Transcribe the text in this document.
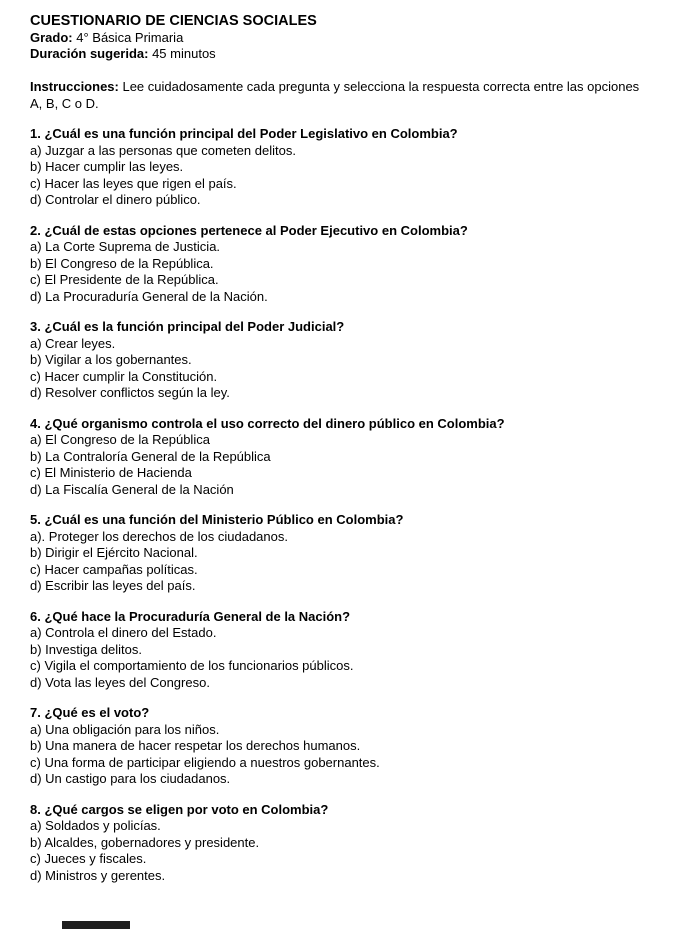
CUESTIONARIO DE CIENCIAS SOCIALES
Grado: 4° Básica Primaria
Duración sugerida: 45 minutos
Instrucciones: Lee cuidadosamente cada pregunta y selecciona la respuesta correcta entre las opciones A, B, C o D.
1. ¿Cuál es una función principal del Poder Legislativo en Colombia?
a) Juzgar a las personas que cometen delitos.
b) Hacer cumplir las leyes.
c) Hacer las leyes que rigen el país.
d) Controlar el dinero público.
2. ¿Cuál de estas opciones pertenece al Poder Ejecutivo en Colombia?
a) La Corte Suprema de Justicia.
b) El Congreso de la República.
c) El Presidente de la República.
d) La Procuraduría General de la Nación.
3. ¿Cuál es la función principal del Poder Judicial?
a) Crear leyes.
b) Vigilar a los gobernantes.
c) Hacer cumplir la Constitución.
d) Resolver conflictos según la ley.
4. ¿Qué organismo controla el uso correcto del dinero público en Colombia?
a) El Congreso de la República
b) La Contraloría General de la República
c) El Ministerio de Hacienda
d) La Fiscalía General de la Nación
5. ¿Cuál es una función del Ministerio Público en Colombia?
a). Proteger los derechos de los ciudadanos.
b) Dirigir el Ejército Nacional.
c) Hacer campañas políticas.
d) Escribir las leyes del país.
6. ¿Qué hace la Procuraduría General de la Nación?
a) Controla el dinero del Estado.
b) Investiga delitos.
c) Vigila el comportamiento de los funcionarios públicos.
d) Vota las leyes del Congreso.
7. ¿Qué es el voto?
a) Una obligación para los niños.
b) Una manera de hacer respetar los derechos humanos.
c) Una forma de participar eligiendo a nuestros gobernantes.
d) Un castigo para los ciudadanos.
8. ¿Qué cargos se eligen por voto en Colombia?
a) Soldados y policías.
b) Alcaldes, gobernadores y presidente.
c) Jueces y fiscales.
d) Ministros y gerentes.
